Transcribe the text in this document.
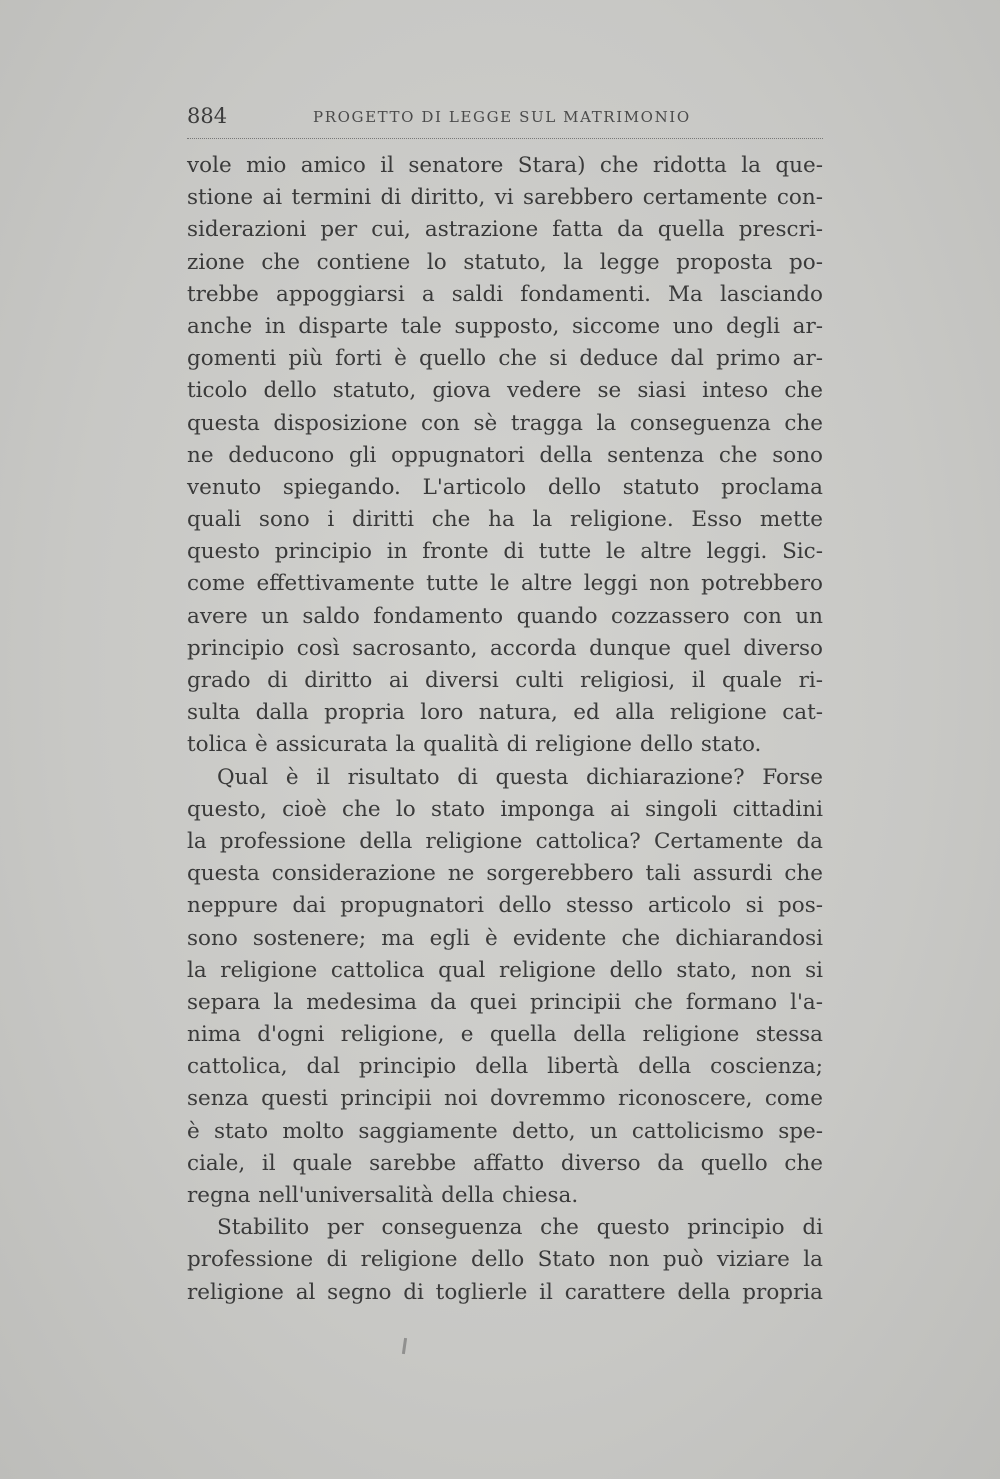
884	PROGETTO DI LEGGE SUL MATRIMONIO
vole mio amico il senatore Stara) che ridotta la que-
stione ai termini di diritto, vi sarebbero certamente con-
siderazioni per cui, astrazione fatta da quella prescri-
zione che contiene lo statuto, la legge proposta po-
trebbe appoggiarsi a saldi fondamenti. Ma lasciando
anche in disparte tale supposto, siccome uno degli ar-
gomenti più forti è quello che si deduce dal primo ar-
ticolo dello statuto, giova vedere se siasi inteso che
questa disposizione con sè tragga la conseguenza che
ne deducono gli oppugnatori della sentenza che sono
venuto spiegando. L'articolo dello statuto proclama
quali sono i diritti che ha la religione. Esso mette
questo principio in fronte di tutte le altre leggi. Sic-
come effettivamente tutte le altre leggi non potrebbero
avere un saldo fondamento quando cozzassero con un
principio così sacrosanto, accorda dunque quel diverso
grado di diritto ai diversi culti religiosi, il quale ri-
sulta dalla propria loro natura, ed alla religione cat-
tolica è assicurata la qualità di religione dello stato.
Qual è il risultato di questa dichiarazione? Forse
questo, cioè che lo stato imponga ai singoli cittadini
la professione della religione cattolica? Certamente da
questa considerazione ne sorgerebbero tali assurdi che
neppure dai propugnatori dello stesso articolo si pos-
sono sostenere; ma egli è evidente che dichiarandosi
la religione cattolica qual religione dello stato, non si
separa la medesima da quei principii che formano l'a-
nima d'ogni religione, e quella della religione stessa
cattolica, dal principio della libertà della coscienza;
senza questi principii noi dovremmo riconoscere, come
è stato molto saggiamente detto, un cattolicismo spe-
ciale, il quale sarebbe affatto diverso da quello che
regna nell'universalità della chiesa.
Stabilito per conseguenza che questo principio di
professione di religione dello Stato non può viziare la
religione al segno di toglierle il carattere della propria
